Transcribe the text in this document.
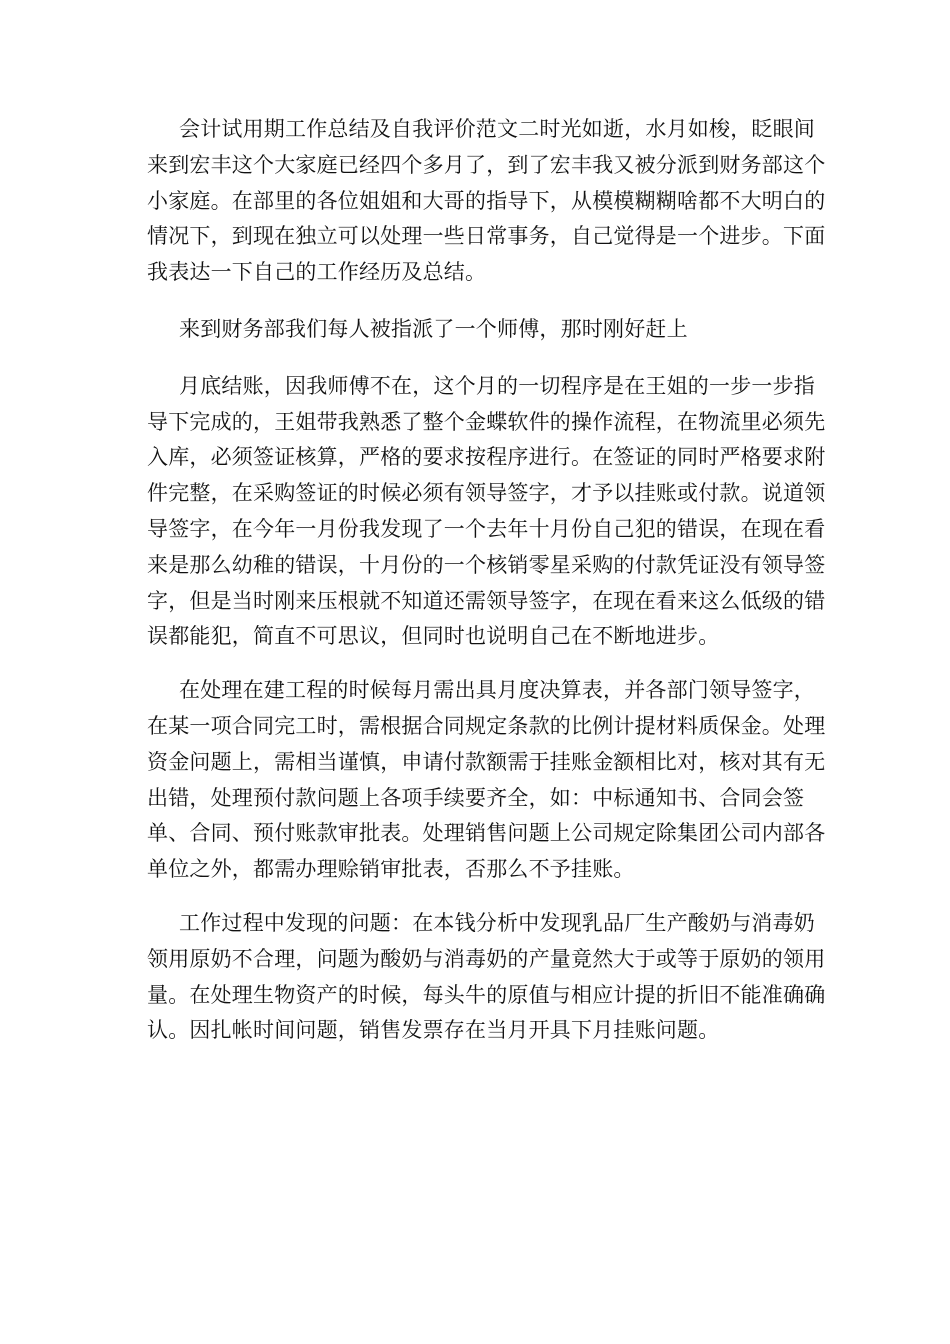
会计试用期工作总结及自我评价范文二时光如逝，水月如梭，眨眼间来到宏丰这个大家庭已经四个多月了，到了宏丰我又被分派到财务部这个小家庭。在部里的各位姐姐和大哥的指导下，从模模糊糊啥都不大明白的情况下，到现在独立可以处理一些日常事务，自己觉得是一个进步。下面我表达一下自己的工作经历及总结。

来到财务部我们每人被指派了一个师傅，那时刚好赶上

月底结账，因我师傅不在，这个月的一切程序是在王姐的一步一步指导下完成的，王姐带我熟悉了整个金蝶软件的操作流程，在物流里必须先入库，必须签证核算，严格的要求按程序进行。在签证的同时严格要求附件完整，在采购签证的时候必须有领导签字，才予以挂账或付款。说道领导签字，在今年一月份我发现了一个去年十月份自己犯的错误，在现在看来是那么幼稚的错误，十月份的一个核销零星采购的付款凭证没有领导签字，但是当时刚来压根就不知道还需领导签字，在现在看来这么低级的错误都能犯，简直不可思议，但同时也说明自己在不断地进步。

在处理在建工程的时候每月需出具月度决算表，并各部门领导签字，在某一项合同完工时，需根据合同规定条款的比例计提材料质保金。处理资金问题上，需相当谨慎，申请付款额需于挂账金额相比对，核对其有无出错，处理预付款问题上各项手续要齐全，如：中标通知书、合同会签单、合同、预付账款审批表。处理销售问题上公司规定除集团公司内部各单位之外，都需办理赊销审批表，否那么不予挂账。

工作过程中发现的问题：在本钱分析中发现乳品厂生产酸奶与消毒奶领用原奶不合理，问题为酸奶与消毒奶的产量竟然大于或等于原奶的领用量。在处理生物资产的时候，每头牛的原值与相应计提的折旧不能准确确认。因扎帐时间问题，销售发票存在当月开具下月挂账问题。
